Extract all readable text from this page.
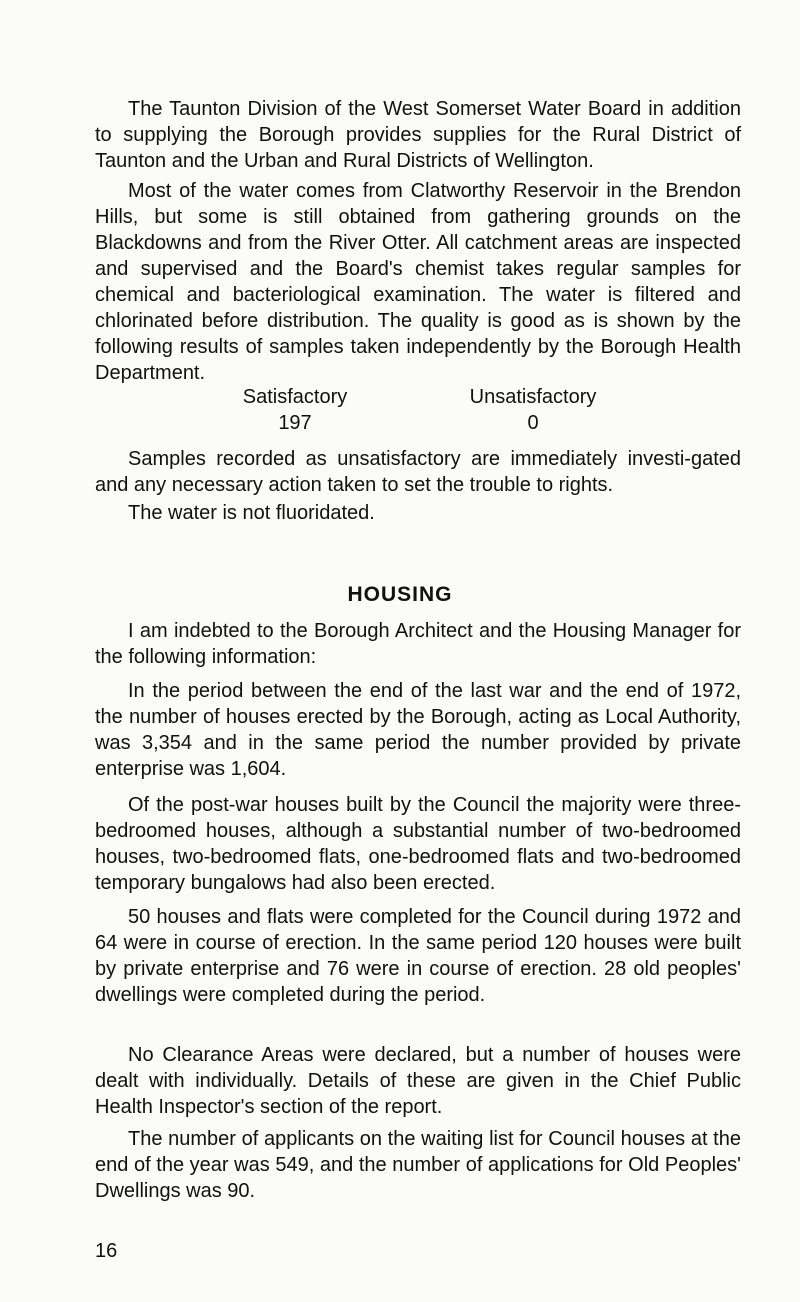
The Taunton Division of the West Somerset Water Board in addition to supplying the Borough provides supplies for the Rural District of Taunton and the Urban and Rural Districts of Wellington.

Most of the water comes from Clatworthy Reservoir in the Brendon Hills, but some is still obtained from gathering grounds on the Blackdowns and from the River Otter. All catchment areas are inspected and supervised and the Board's chemist takes regular samples for chemical and bacteriological examination. The water is filtered and chlorinated before distribution. The quality is good as is shown by the following results of samples taken independently by the Borough Health Department.

Satisfactory
197
Unsatisfactory
0

Samples recorded as unsatisfactory are immediately investi-gated and any necessary action taken to set the trouble to rights.

The water is not fluoridated.

HOUSING

I am indebted to the Borough Architect and the Housing Manager for the following information:

In the period between the end of the last war and the end of 1972, the number of houses erected by the Borough, acting as Local Authority, was 3,354 and in the same period the number provided by private enterprise was 1,604.

Of the post-war houses built by the Council the majority were three-bedroomed houses, although a substantial number of two-bedroomed houses, two-bedroomed flats, one-bedroomed flats and two-bedroomed temporary bungalows had also been erected.

50 houses and flats were completed for the Council during 1972 and 64 were in course of erection. In the same period 120 houses were built by private enterprise and 76 were in course of erection. 28 old peoples' dwellings were completed during the period.

No Clearance Areas were declared, but a number of houses were dealt with individually. Details of these are given in the Chief Public Health Inspector's section of the report.

The number of applicants on the waiting list for Council houses at the end of the year was 549, and the number of applications for Old Peoples' Dwellings was 90.

16
